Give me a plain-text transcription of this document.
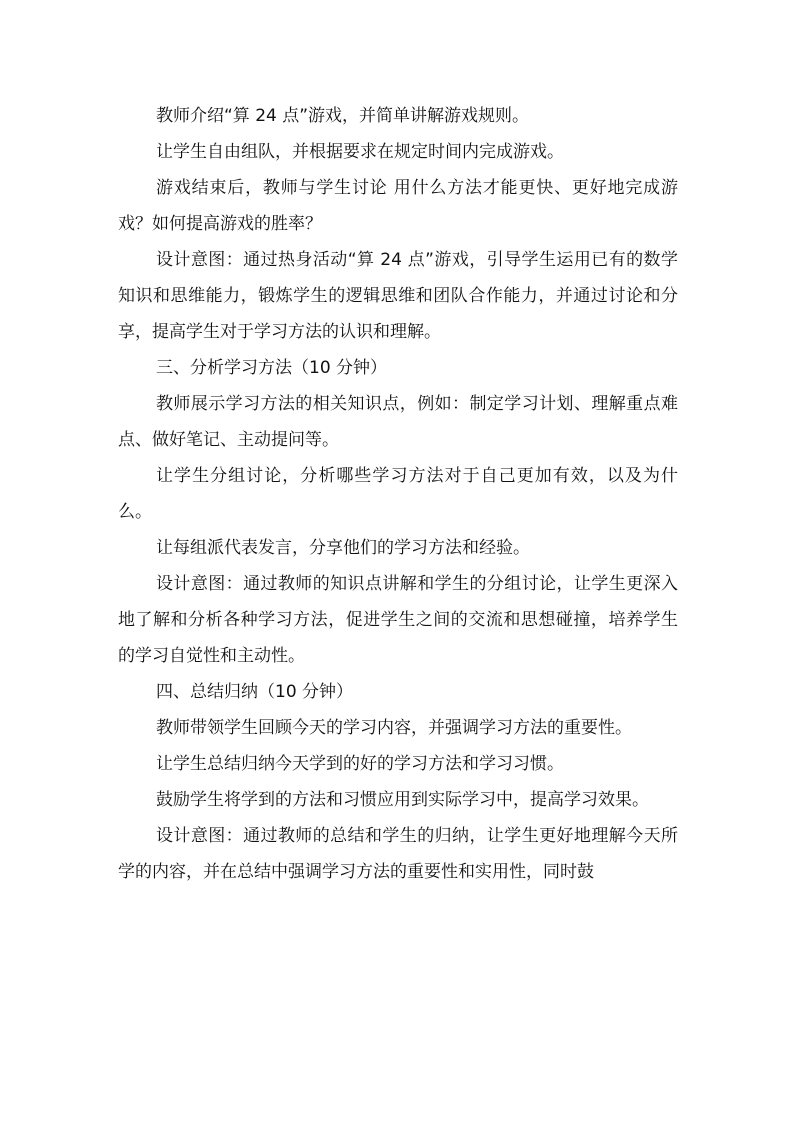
教师介绍“算 24 点”游戏，并简单讲解游戏规则。

让学生自由组队，并根据要求在规定时间内完成游戏。

游戏结束后，教师与学生讨论 用什么方法才能更快、更好地完成游戏？如何提高游戏的胜率？

设计意图：通过热身活动“算 24 点”游戏，引导学生运用已有的数学知识和思维能力，锻炼学生的逻辑思维和团队合作能力，并通过讨论和分享，提高学生对于学习方法的认识和理解。

三、分析学习方法（10 分钟）

教师展示学习方法的相关知识点，例如：制定学习计划、理解重点难点、做好笔记、主动提问等。

让学生分组讨论，分析哪些学习方法对于自己更加有效，以及为什么。

让每组派代表发言，分享他们的学习方法和经验。

设计意图：通过教师的知识点讲解和学生的分组讨论，让学生更深入地了解和分析各种学习方法，促进学生之间的交流和思想碰撞，培养学生的学习自觉性和主动性。

四、总结归纳（10 分钟）

教师带领学生回顾今天的学习内容，并强调学习方法的重要性。

让学生总结归纳今天学到的好的学习方法和学习习惯。

鼓励学生将学到的方法和习惯应用到实际学习中，提高学习效果。

设计意图：通过教师的总结和学生的归纳，让学生更好地理解今天所学的内容，并在总结中强调学习方法的重要性和实用性，同时鼓
